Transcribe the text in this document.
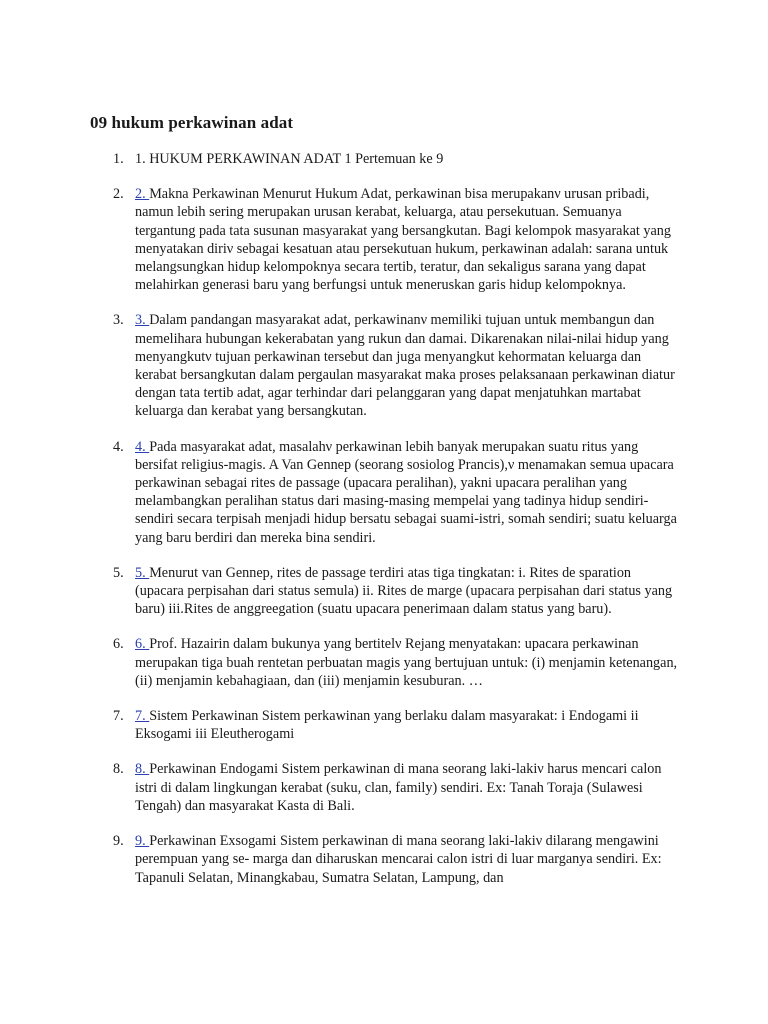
09 hukum perkawinan adat
1. 1. HUKUM PERKAWINAN ADAT 1 Pertemuan ke 9
2. 2. Makna Perkawinan Menurut Hukum Adat, perkawinan bisa merupakanν urusan pribadi, namun lebih sering merupakan urusan kerabat, keluarga, atau persekutuan. Semuanya tergantung pada tata susunan masyarakat yang bersangkutan. Bagi kelompok masyarakat yang menyatakan diriν sebagai kesatuan atau persekutuan hukum, perkawinan adalah: sarana untuk melangsungkan hidup kelompoknya secara tertib, teratur, dan sekaligus sarana yang dapat melahirkan generasi baru yang berfungsi untuk meneruskan garis hidup kelompoknya.
3. 3. Dalam pandangan masyarakat adat, perkawinanν memiliki tujuan untuk membangun dan memelihara hubungan kekerabatan yang rukun dan damai. Dikarenakan nilai-nilai hidup yang menyangkutν tujuan perkawinan tersebut dan juga menyangkut kehormatan keluarga dan kerabat bersangkutan dalam pergaulan masyarakat maka proses pelaksanaan perkawinan diatur dengan tata tertib adat, agar terhindar dari pelanggaran yang dapat menjatuhkan martabat keluarga dan kerabat yang bersangkutan.
4. 4. Pada masyarakat adat, masalahν perkawinan lebih banyak merupakan suatu ritus yang bersifat religius-magis. A Van Gennep (seorang sosiolog Prancis),ν menamakan semua upacara perkawinan sebagai rites de passage (upacara peralihan), yakni upacara peralihan yang melambangkan peralihan status dari masing-masing mempelai yang tadinya hidup sendiri-sendiri secara terpisah menjadi hidup bersatu sebagai suami-istri, somah sendiri; suatu keluarga yang baru berdiri dan mereka bina sendiri.
5. 5. Menurut van Gennep, rites de passage terdiri atas tiga tingkatan: i. Rites de sparation (upacara perpisahan dari status semula) ii. Rites de marge (upacara perpisahan dari status yang baru) iii.Rites de anggreegation (suatu upacara penerimaan dalam status yang baru).
6. 6. Prof. Hazairin dalam bukunya yang bertitelν Rejang menyatakan: upacara perkawinan merupakan tiga buah rentetan perbuatan magis yang bertujuan untuk: (i) menjamin ketenangan, (ii) menjamin kebahagiaan, dan (iii) menjamin kesuburan. …
7. 7. Sistem Perkawinan Sistem perkawinan yang berlaku dalam masyarakat: i Endogami ii Eksogami iii Eleutherogami
8. 8. Perkawinan Endogami Sistem perkawinan di mana seorang laki-lakiν harus mencari calon istri di dalam lingkungan kerabat (suku, clan, family) sendiri. Ex: Tanah Toraja (Sulawesi Tengah) dan masyarakat Kasta di Bali.
9. 9. Perkawinan Exsogami Sistem perkawinan di mana seorang laki-lakiν dilarang mengawini perempuan yang se- marga dan diharuskan mencarai calon istri di luar marganya sendiri. Ex: Tapanuli Selatan, Minangkabau, Sumatra Selatan, Lampung, dan
